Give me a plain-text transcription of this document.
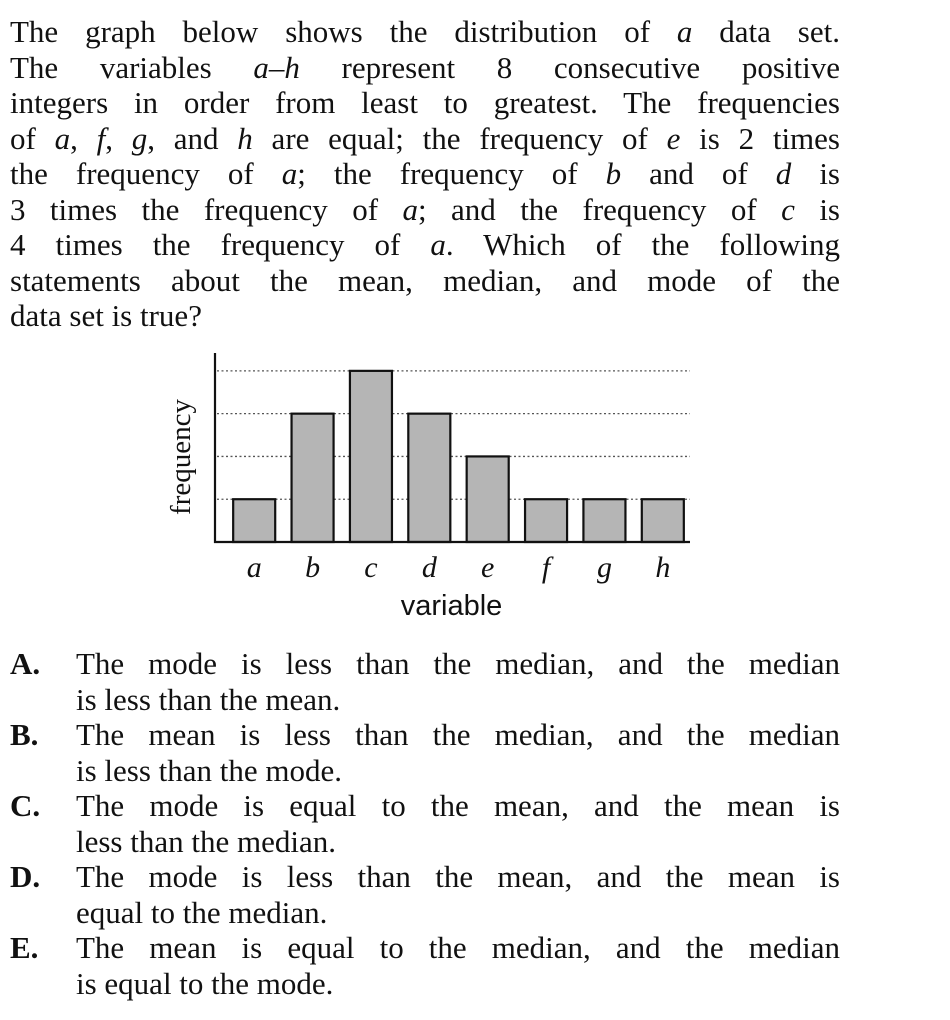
The graph below shows the distribution of a data set.
The variables a–h represent 8 consecutive positive
integers in order from least to greatest. The frequencies
of a, f, g, and h are equal; the frequency of e is 2 times
the frequency of a; the frequency of b and of d is
3 times the frequency of a; and the frequency of c is
4 times the frequency of a. Which of the following
statements about the mean, median, and mode of the
data set is true?
a b c d e f g h
variable
frequency
A.	The mode is less than the median, and the median
is less than the mean.
B.	The mean is less than the median, and the median
is less than the mode.
C.	The mode is equal to the mean, and the mean is
less than the median.
D.	The mode is less than the mean, and the mean is
equal to the median.
E.	The mean is equal to the median, and the median
is equal to the mode.
